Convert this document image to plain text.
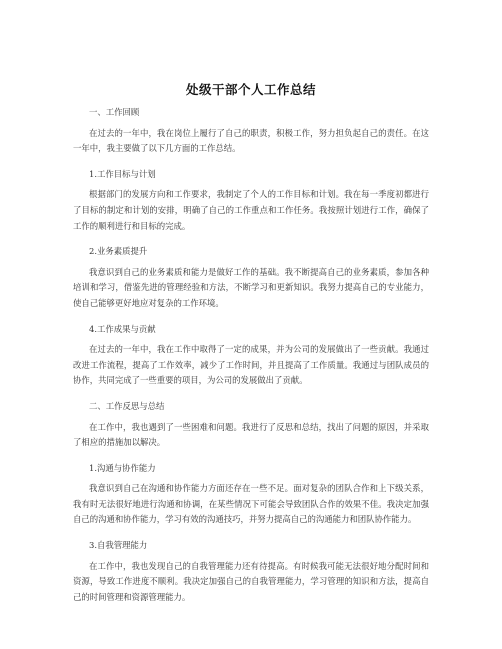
处级干部个人工作总结

一、工作回顾

在过去的一年中，我在岗位上履行了自己的职责，积极工作，努力担负起自己的责任。在这一年中，我主要做了以下几方面的工作总结。

1.工作目标与计划

根据部门的发展方向和工作要求，我制定了个人的工作目标和计划。我在每一季度初都进行了目标的制定和计划的安排，明确了自己的工作重点和工作任务。我按照计划进行工作，确保了工作的顺利进行和目标的完成。

2.业务素质提升

我意识到自己的业务素质和能力是做好工作的基础。我不断提高自己的业务素质，参加各种培训和学习，借鉴先进的管理经验和方法，不断学习和更新知识。我努力提高自己的专业能力，使自己能够更好地应对复杂的工作环境。

4.工作成果与贡献

在过去的一年中，我在工作中取得了一定的成果，并为公司的发展做出了一些贡献。我通过改进工作流程，提高了工作效率，减少了工作时间，并且提高了工作质量。我通过与团队成员的协作，共同完成了一些重要的项目，为公司的发展做出了贡献。

二、工作反思与总结

在工作中，我也遇到了一些困难和问题。我进行了反思和总结，找出了问题的原因，并采取了相应的措施加以解决。

1.沟通与协作能力

我意识到自己在沟通和协作能力方面还存在一些不足。面对复杂的团队合作和上下级关系，我有时无法很好地进行沟通和协调，在某些情况下可能会导致团队合作的效果不佳。我决定加强自己的沟通和协作能力，学习有效的沟通技巧，并努力提高自己的沟通能力和团队协作能力。

3.自我管理能力

在工作中，我也发现自己的自我管理能力还有待提高。有时候我可能无法很好地分配时间和资源，导致工作进度不顺利。我决定加强自己的自我管理能力，学习管理的知识和方法，提高自己的时间管理和资源管理能力。
